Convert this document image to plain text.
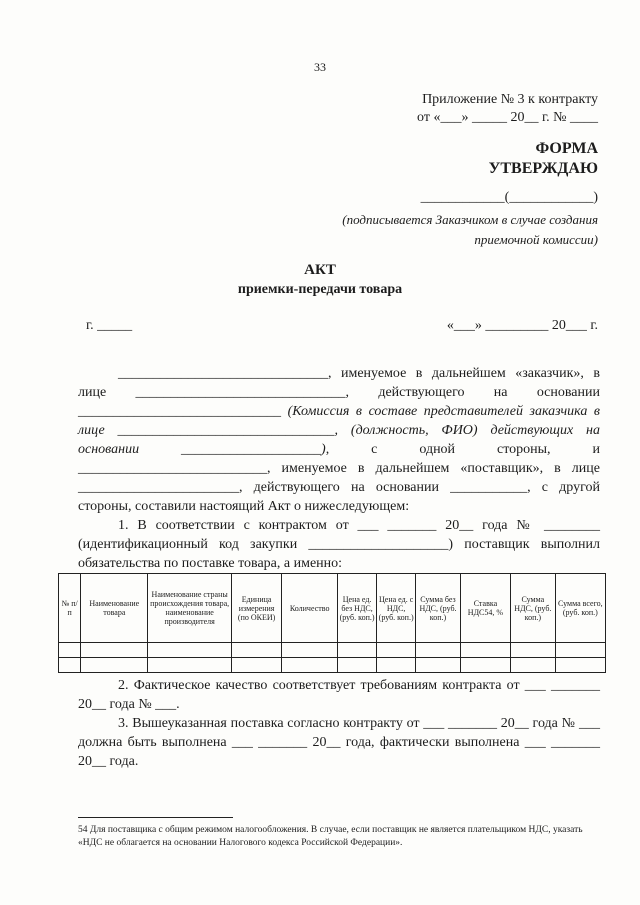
33
Приложение № 3 к контракту
от «___» _____ 20__ г. № ____
ФОРМА
УТВЕРЖДАЮ
____________(____________)
(подписывается Заказчиком в случае создания приемочной комиссии)
АКТ
приемки-передачи товара
г. _____	«___» _________ 20___ г.

______________________________, именуемое в дальнейшем «заказчик», в лице ______________________________, действующего на основании _____________________________ (Комиссия в составе представителей заказчика в лице _______________________________, (должность, ФИО) действующих на основании ____________________), с одной стороны, и ___________________________, именуемое в дальнейшем «поставщик», в лице _______________________, действующего на основании ___________, с другой стороны, составили настоящий Акт о нижеследующем:

1. В соответствии с контрактом от ___ _______ 20__ года № ________ (идентификационный код закупки ____________________) поставщик выполнил обязательства по поставке товара, а именно:

№ п/п	Наименование товара	Наименование страны происхождения товара, наименование производителя	Единица измерения (по ОКЕИ)	Количество	Цена ед. без НДС, (руб. коп.)	Цена ед. с НДС, (руб. коп.)	Сумма без НДС, (руб. коп.)	Ставка НДС54, %	Сумма НДС, (руб. коп.)	Сумма всего, (руб. коп.)

2. Фактическое качество соответствует требованиям контракта от ___ _______ 20__ года № ___.

3. Вышеуказанная поставка согласно контракту от ___ _______ 20__ года № ___ должна быть выполнена ___ _______ 20__ года, фактически выполнена ___ _______ 20__ года.

54 Для поставщика с общим режимом налогообложения. В случае, если поставщик не является плательщиком НДС, указать «НДС не облагается на основании Налогового кодекса Российской Федерации».
